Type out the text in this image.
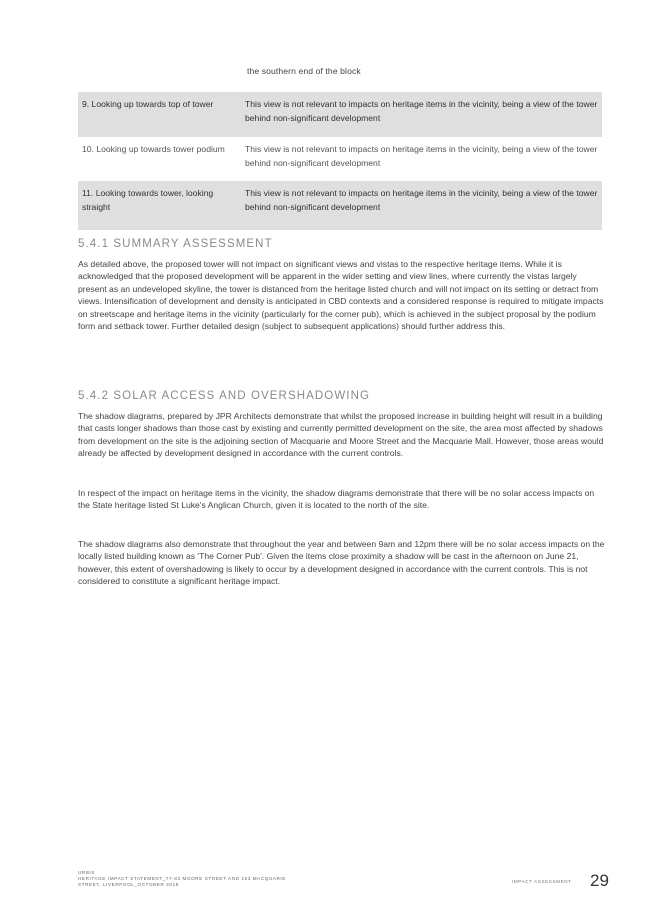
the southern end of the block
9. Looking up towards top of tower	This view is not relevant to impacts on heritage items in the vicinity, being a view of the tower behind non-significant development
10. Looking up towards tower podium	This view is not relevant to impacts on heritage items in the vicinity, being a view of the tower behind non-significant development
11. Looking towards tower, looking straight
This view is not relevant to impacts on heritage items in the vicinity, being a view of the tower behind non-significant development
5.4.1 SUMMARY ASSESSMENT

As detailed above, the proposed tower will not impact on significant views and vistas to the respective heritage items. While it is acknowledged that the proposed development will be apparent in the wider setting and view lines, where currently the vistas largely present as an undeveloped skyline, the tower is distanced from the heritage listed church and will not impact on its setting or detract from views. Intensification of development and density is anticipated in CBD contexts and a considered response is required to mitigate impacts on streetscape and heritage items in the vicinity (particularly for the corner pub), which is achieved in the subject proposal by the podium form and setback tower. Further detailed design (subject to subsequent applications) should further address this.

5.4.2 SOLAR ACCESS AND OVERSHADOWING

The shadow diagrams, prepared by JPR Architects demonstrate that whilst the proposed increase in building height will result in a building that casts longer shadows than those cast by existing and currently permitted development on the site, the area most affected by shadows from development on the site is the adjoining section of Macquarie and Moore Street and the Macquarie Mall. However, those areas would already be affected by development designed in accordance with the current controls.

In respect of the impact on heritage items in the vicinity, the shadow diagrams demonstrate that there will be no solar access impacts on the State heritage listed St Luke's Anglican Church, given it is located to the north of the site.

The shadow diagrams also demonstrate that throughout the year and between 9am and 12pm there will be no solar access impacts on the locally listed building known as 'The Corner Pub'. Given the items close proximity a shadow will be cast in the afternoon on June 21, however, this extent of overshadowing is likely to occur by a development designed in accordance with the current controls. This is not considered to constitute a significant heritage impact.

URBIS
HERITAGE IMPACT STATEMENT_77-83 MOORE STREET AND 193 MACQUARIE
STREET, LIVERPOOL_OCTOBER 2018
IMPACT ASSESSMENT 29
